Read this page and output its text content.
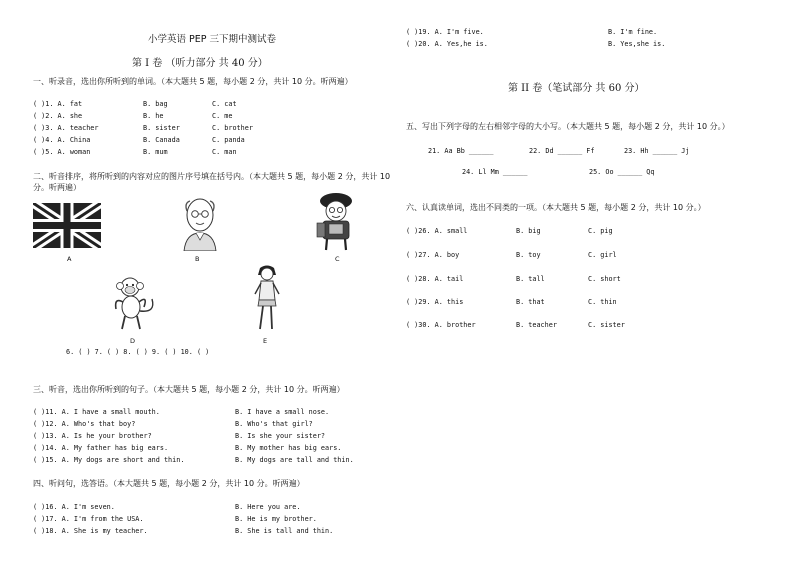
小学英语 PEP 三下期中测试卷
第 I 卷 （听力部分 共 40 分）
一、听录音，选出你所听到的单词。（本大题共 5 题，每小题 2 分，共计 10 分。听两遍）
( )1. A. fat	B. bag	C. cat
( )2. A. she	B. he	C. me
( )3. A. teacher	B. sister	C. brother
( )4. A. China	B. Canada	C. panda
( )5. A. woman	B. mum	C. man
二、听音排序，将所听到的内容对应的图片序号填在括号内。（本大题共 5 题，每小题 2 分，共计 10
分。听两遍）
A	B	C
D	E
6. ( ) 7. ( ) 8. ( ) 9. ( ) 10. ( )
三、听音，选出你所听到的句子。（本大题共 5 题，每小题 2 分，共计 10 分。听两遍）
( )11. A. I have a small mouth.	B. I have a small nose.
( )12. A. Who's that boy?	B. Who's that girl?
( )13. A. Is he your brother?	B. Is she your sister?
( )14. A. My father has big ears.	B. My mother has big ears.
( )15. A. My dogs are short and thin.	B. My dogs are tall and thin.
四、听问句，选答语。（本大题共 5 题，每小题 2 分，共计 10 分。听两遍）
( )16. A. I'm seven.	B. Here you are.
( )17. A. I'm from the USA.	B. He is my brother.
( )18. A. She is my teacher.	B. She is tall and thin.
( )19. A. I'm five.	B. I'm fine.
( )20. A. Yes,he is.	B. Yes,she is.
第 II 卷（笔试部分 共 60 分）
五、写出下列字母的左右相邻字母的大小写。（本大题共 5 题，每小题 2 分，共计 10 分。）
21. Aa Bb ______	22. Dd ______ Ff	23. Hh ______ Jj
24. Ll Mm ______	25. Oo ______ Qq
六、认真读单词，选出不同类的一项。（本大题共 5 题，每小题 2 分，共计 10 分。）
( )26. A. small	B. big	C. pig
( )27. A. boy	B. toy	C. girl
( )28. A. tail	B. tall	C. short
( )29. A. this	B. that	C. thin
( )30. A. brother	B. teacher	C. sister
